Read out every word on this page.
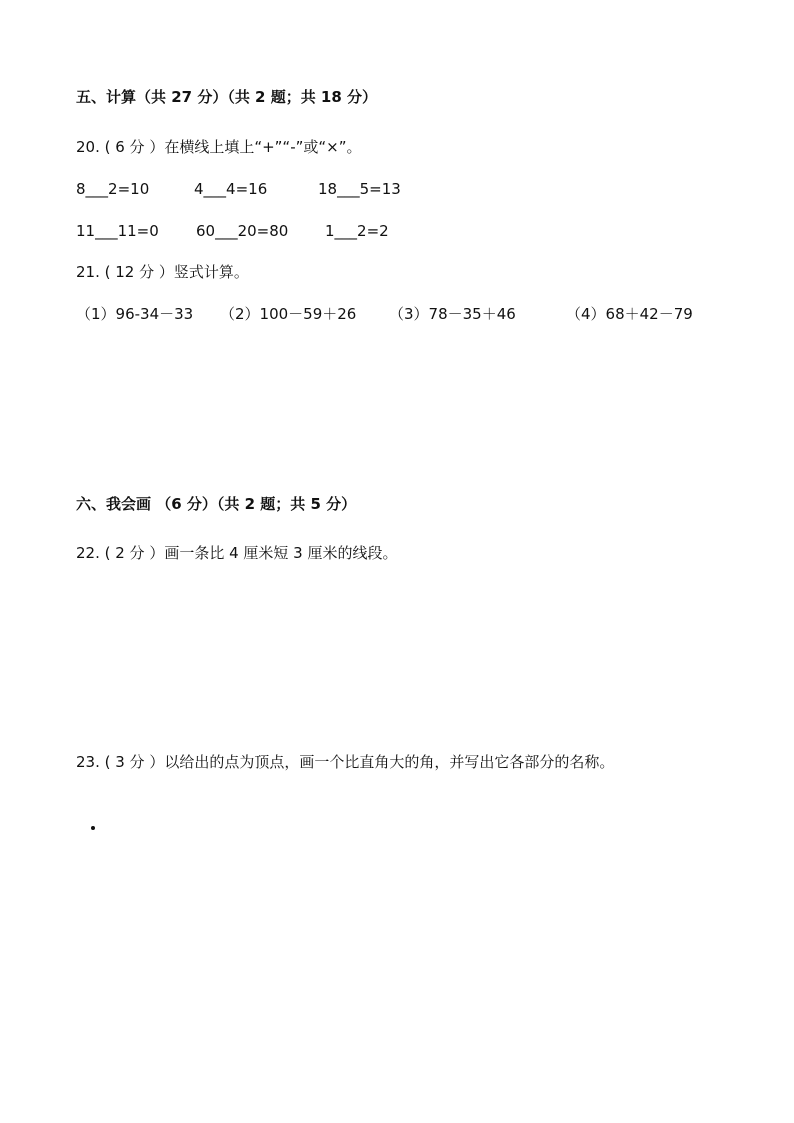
五、计算（共 27 分）（共 2 题；共 18 分）
20. ( 6 分 ）在横线上填上“+”“-”或“×”。
8___2=10	4___4=16	18___5=13
11___11=0 60___20=80 1___2=2
21. ( 12 分 ）竖式计算。
（1）96-34－33 （2）100－59＋26 （3）78－35＋46	（4）68＋42－79
六、我会画 （6 分）（共 2 题；共 5 分）
22. ( 2 分 ）画一条比 4 厘米短 3 厘米的线段。
23. ( 3 分 ）以给出的点为顶点，画一个比直角大的角，并写出它各部分的名称。
